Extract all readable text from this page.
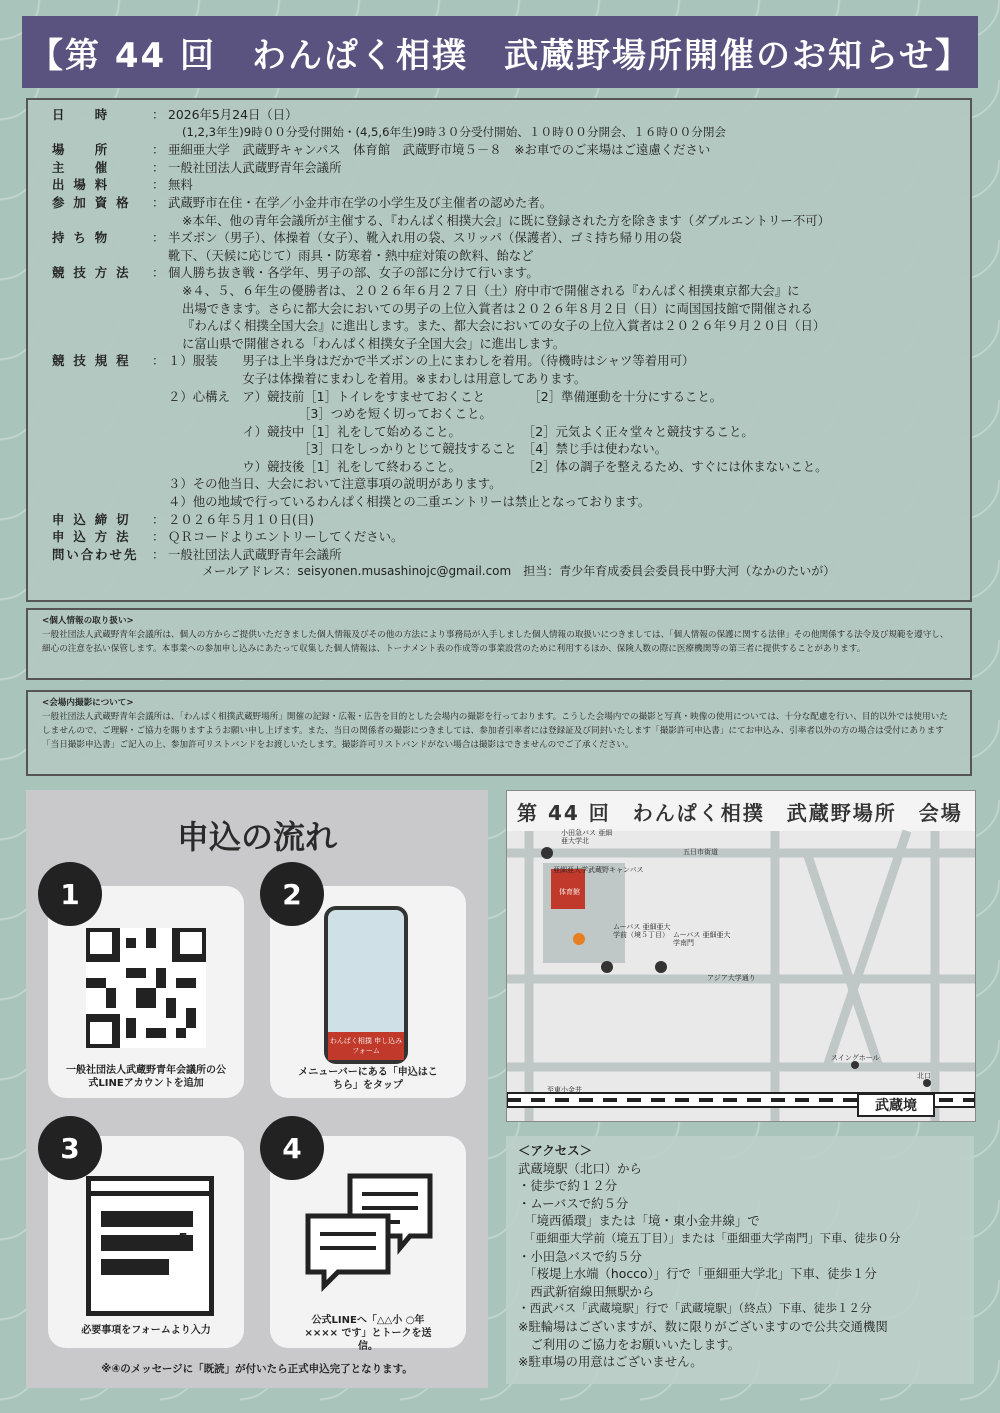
【第 44 回　わんぱく相撲　武蔵野場所開催のお知らせ】
日　時	： 2026年5月24日（日）
(1,2,3年生)9時００分受付開始・(4,5,6年生)9時３０分受付開始、１０時００分開会、１６時００分閉会
場　所	： 亜細亜大学　武蔵野キャンパス　体育館　武蔵野市境５－８　※お車でのご来場はご遠慮ください
主　催	： 一般社団法人武蔵野青年会議所
出場料	： 無料
参加資格	： 武蔵野市在住・在学／小金井市在学の小学生及び主催者の認めた者。
※本年、他の青年会議所が主催する、『わんぱく相撲大会』に既に登録された方を除きます（ダブルエントリー不可）
持ち物	： 半ズボン（男子）、体操着（女子）、靴入れ用の袋、スリッパ（保護者）、ゴミ持ち帰り用の袋
靴下、（天候に応じて）雨具・防寒着・熱中症対策の飲料、飴など
競技方法	： 個人勝ち抜き戦・各学年、男子の部、女子の部に分けて行います。
※４、５、６年生の優勝者は、２０２６年６月２７日（土）府中市で開催される『わんぱく相撲東京都大会』に
出場できます。さらに都大会においての男子の上位入賞者は２０２６年８月２日（日）に両国国技館で開催される
『わんぱく相撲全国大会』に進出します。また、都大会においての女子の上位入賞者は２０２６年９月２０日（日）
に富山県で開催される「わんぱく相撲女子全国大会」に進出します。
競技規程	： １）服装　　男子は上半身はだかで半ズボンの上にまわしを着用。（待機時はシャツ等着用可）
　　　　　　女子は体操着にまわしを着用。※まわしは用意してあります。
２）心構え　ア）競技前［1］トイレをすませておくこと　　　　［2］準備運動を十分にすること。
　　　　　　　　　　　［3］つめを短く切っておくこと。
　　　　　　イ）競技中［1］礼をして始めること。　　　　　　［2］元気よく正々堂々と競技すること。
　　　　　　　　　　　［3］口をしっかりとじて競技すること　［4］禁じ手は使わない。
　　　　　　ウ）競技後［1］礼をして終わること。　　　　　　［2］体の調子を整えるため、すぐには休まないこと。
３）その他当日、大会において注意事項の説明があります。
４）他の地域で行っているわんぱく相撲との二重エントリーは禁止となっております。
申込締切	： ２０２６年５月１０日(日)
申込方法	： ＱＲコードよりエントリーしてください。
問い合わせ先	： 一般社団法人武蔵野青年会議所
メールアドレス：seisyonen.musashinojc@gmail.com　担当：青少年育成委員会委員長中野大河（なかのたいが）
<個人情報の取り扱い>
一般社団法人武蔵野青年会議所は、個人の方からご提供いただきました個人情報及びその他の方法により事務局が入手しました個人情報の取扱いにつきましては、「個人情報の保護に関する法律」その他関係する法令及び規範を遵守し、細心の注意を払い保管します。本事業への参加申し込みにあたって収集した個人情報は、トーナメント表の作成等の事業設営のために利用するほか、保険人数の際に医療機関等の第三者に提供することがあります。
<会場内撮影について>
一般社団法人武蔵野青年会議所は、「わんぱく相撲武蔵野場所」開催の記録・広報・広告を目的とした会場内の撮影を行っております。こうした会場内での撮影と写真・映像の使用については、十分な配慮を行い、目的以外では使用いたしませんので、ご理解・ご協力を賜りますようお願い申し上げます。また、当日の関係者の撮影につきましては、参加者引率者には登録証及び同封いたします「撮影許可申込書」にてお申込み、引率者以外の方の場合は受付にあります「当日撮影申込書」ご記入の上、参加許可リストバンドをお渡しいたします。撮影許可リストバンドがない場合は撮影はできませんのでご了承ください。
申込の流れ
一般社団法人武蔵野青年会議所の公式LINEアカウントを追加
1
わんぱく相撲 申し込みフォーム
メニューバーにある「申込はこちら」をタップ
2
↖
必要事項をフォームより入力
3
公式LINEへ「△△小 ○年 ×××× です」とトークを送信。
4
※④のメッセージに「既読」が付いたら正式申込完了となります。
第 44 回　わんぱく相撲　武蔵野場所　会場
小田急バス 亜細亜大学北
五日市街道
亜細亜大学武蔵野キャンパス
体育館
ムーバス 亜細亜大学前（境５丁目） ムーバス 亜細亜大学南門
アジア大学通り
スイングホール
北口
至東小金井
武蔵境
＜アクセス＞
武蔵境駅（北口）から
・徒歩で約１２分
・ムーバスで約５分
　「境西循環」または「境・東小金井線」で
　「亜細亜大学前（境五丁目）」または「亜細亜大学南門」下車、徒歩０分
・小田急バスで約５分
　「桜堤上水端（hocco）」行で「亜細亜大学北」下車、徒歩１分
　西武新宿線田無駅から
・西武バス「武蔵境駅」行で「武蔵境駅」（終点）下車、徒歩１２分
※駐輪場はございますが、数に限りがございますので公共交通機関
　ご利用のご協力をお願いいたします。
※駐車場の用意はございません。
